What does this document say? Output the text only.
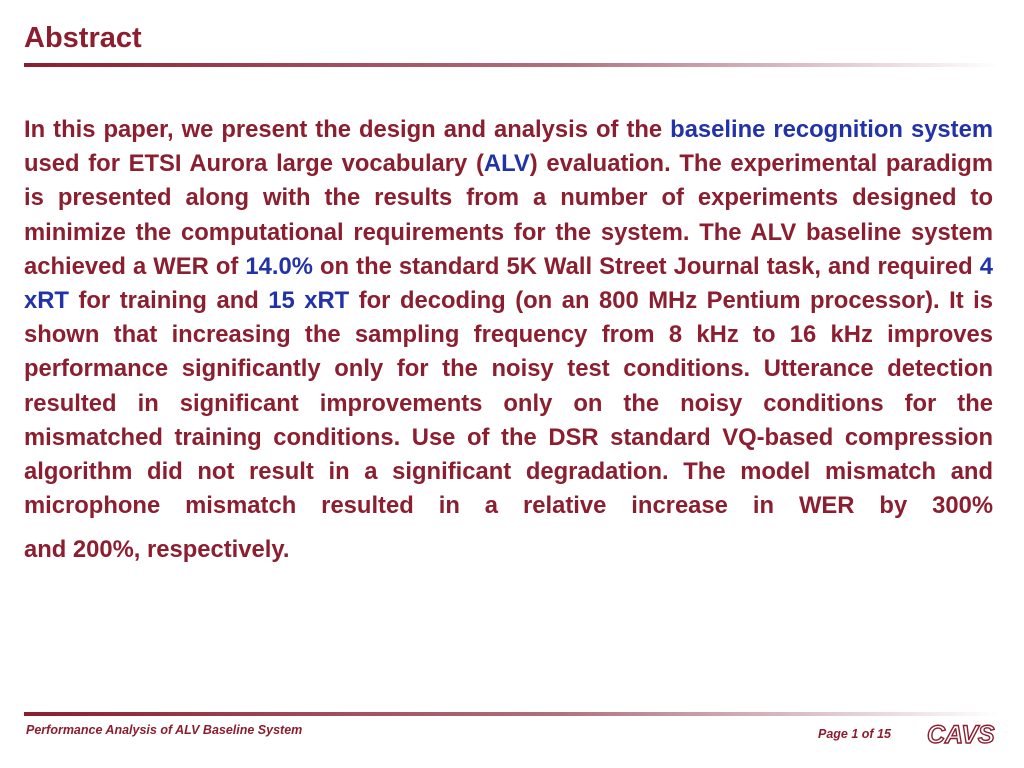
Abstract

In this paper, we present the design and analysis of the baseline recognition system used for ETSI Aurora large vocabulary (ALV) evaluation. The experimental paradigm is presented along with the results from a number of experiments designed to minimize the computational requirements for the system. The ALV baseline system achieved a WER of 14.0% on the standard 5K Wall Street Journal task, and required 4 xRT for training and 15 xRT for decoding (on an 800 MHz Pentium processor). It is shown that increasing the sampling frequency from 8 kHz to 16 kHz improves performance significantly only for the noisy test conditions. Utterance detection resulted in significant improvements only on the noisy conditions for the mismatched training conditions. Use of the DSR standard VQ-based compression algorithm did not result in a significant degradation. The model mismatch and microphone mismatch resulted in a relative increase in WER by 300% and 200%, respectively.

Performance Analysis of ALV Baseline System	Page 1 of 15 CAVS
